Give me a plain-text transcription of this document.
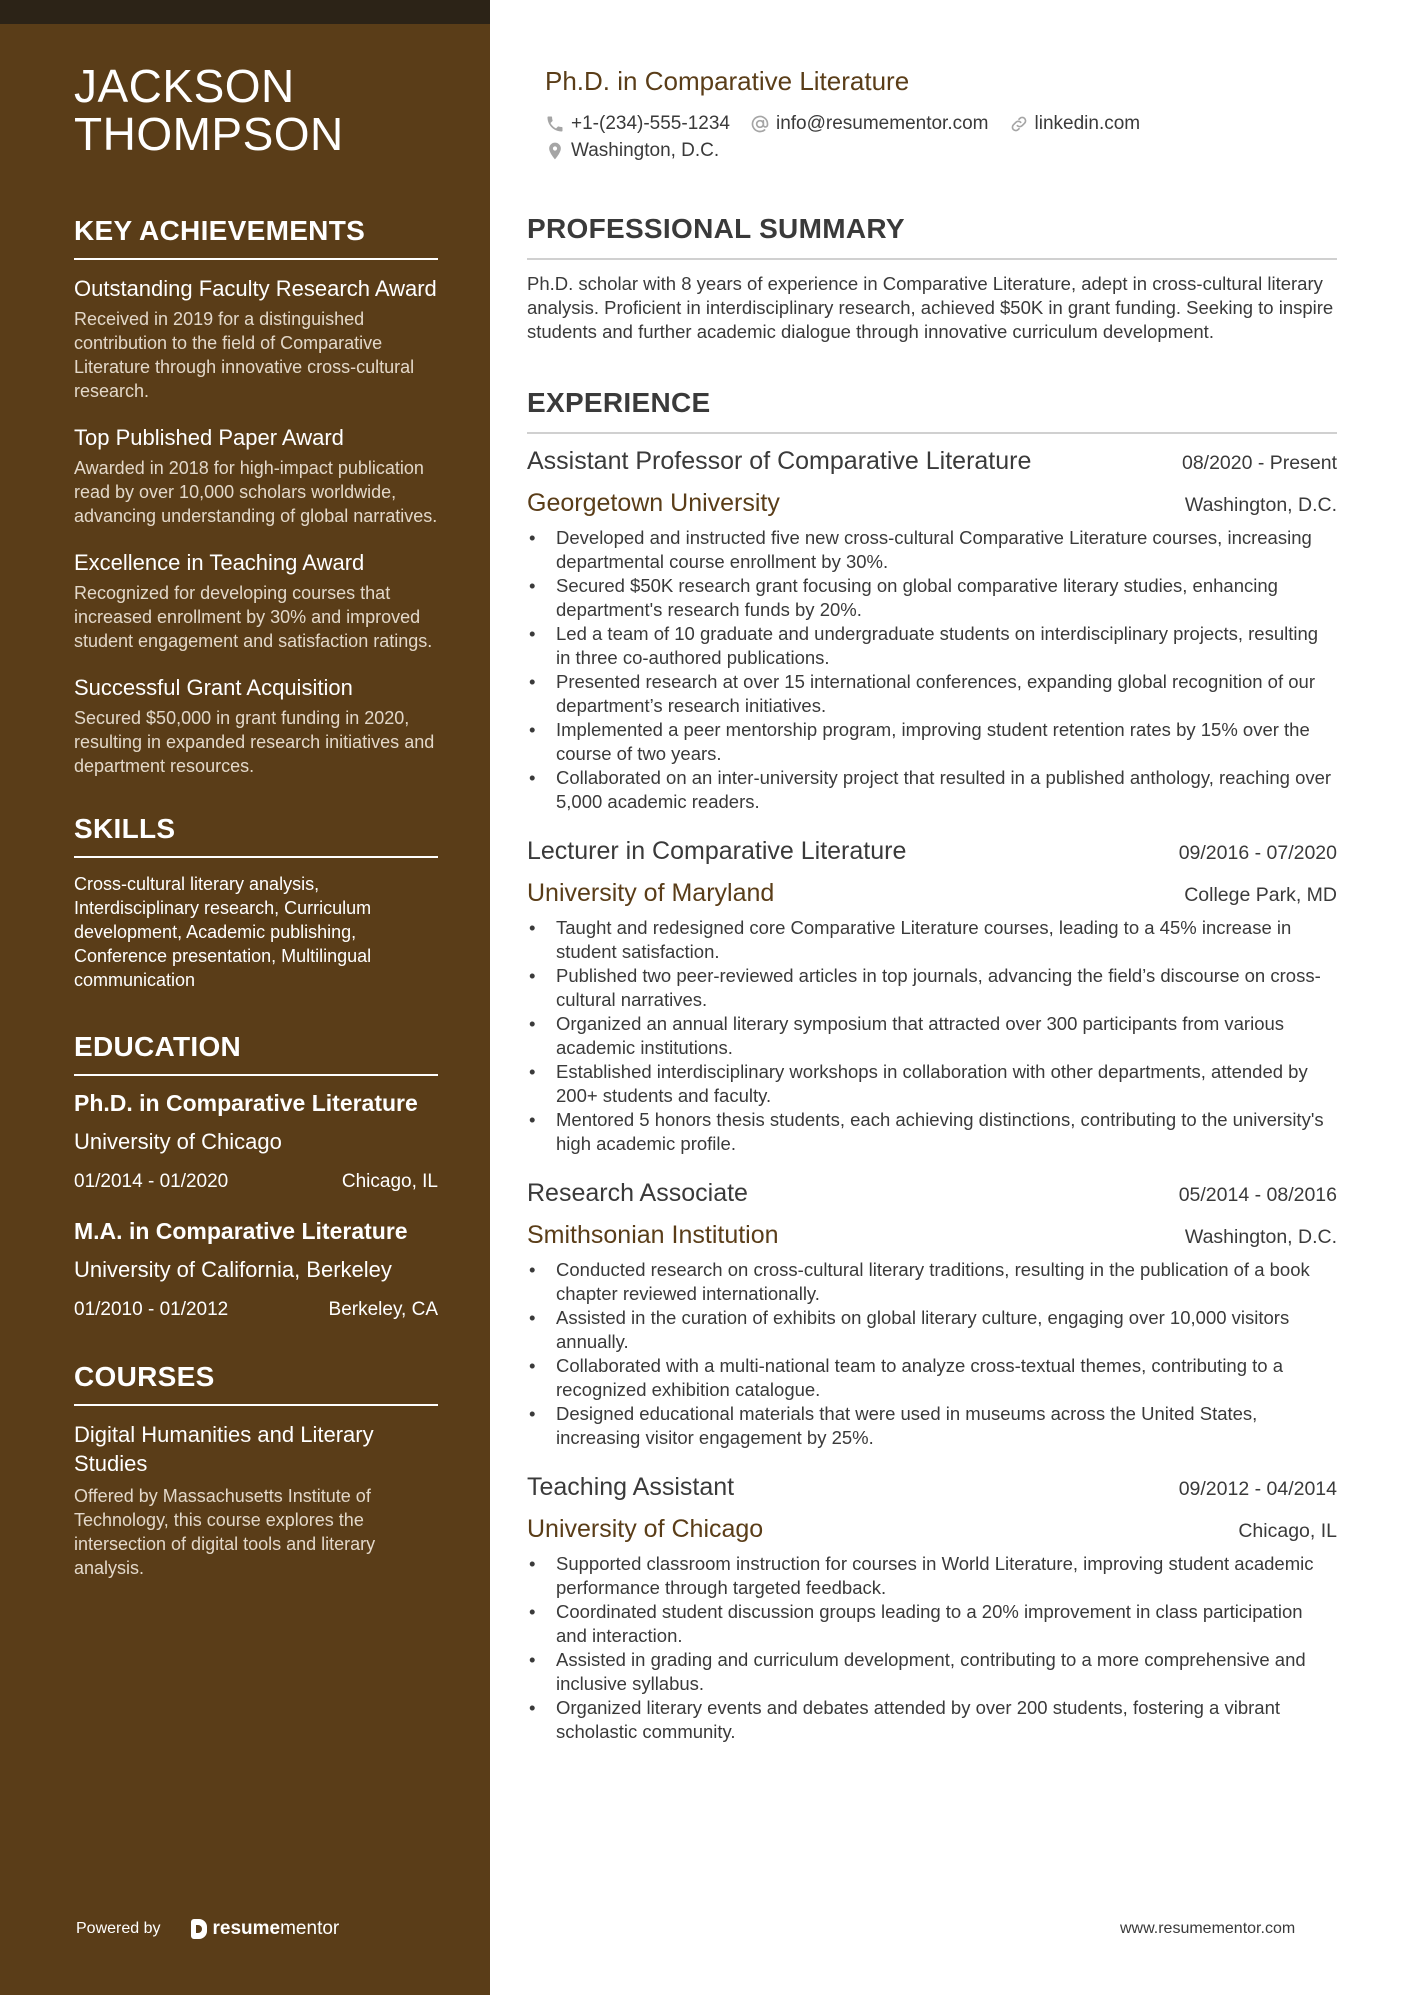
JACKSON
THOMPSON
KEY ACHIEVEMENTS
Outstanding Faculty Research Award
Received in 2019 for a distinguished contribution to the field of Comparative Literature through innovative cross-cultural research.
Top Published Paper Award
Awarded in 2018 for high-impact publication read by over 10,000 scholars worldwide, advancing understanding of global narratives.
Excellence in Teaching Award
Recognized for developing courses that increased enrollment by 30% and improved student engagement and satisfaction ratings.
Successful Grant Acquisition
Secured $50,000 in grant funding in 2020, resulting in expanded research initiatives and department resources.
SKILLS

Cross-cultural literary analysis, Interdisciplinary research, Curriculum development, Academic publishing, Conference presentation, Multilingual communication

EDUCATION
Ph.D. in Comparative Literature
University of Chicago
01/2014 - 01/2020	Chicago, IL
M.A. in Comparative Literature
University of California, Berkeley
01/2010 - 01/2012	Berkeley, CA
COURSES
Digital Humanities and Literary Studies
Offered by Massachusetts Institute of Technology, this course explores the intersection of digital tools and literary analysis.
Powered by	resumementor
Ph.D. in Comparative Literature
+1-(234)-555-1234 info@resumementor.com linkedin.com
Washington, D.C.
PROFESSIONAL SUMMARY

Ph.D. scholar with 8 years of experience in Comparative Literature, adept in cross-cultural literary analysis. Proficient in interdisciplinary research, achieved $50K in grant funding. Seeking to inspire students and further academic dialogue through innovative curriculum development.

EXPERIENCE
Assistant Professor of Comparative Literature	08/2020 - Present
Georgetown University	Washington, D.C.
• Developed and instructed five new cross-cultural Comparative Literature courses, increasing departmental course enrollment by 30%.
• Secured $50K research grant focusing on global comparative literary studies, enhancing department's research funds by 20%.
• Led a team of 10 graduate and undergraduate students on interdisciplinary projects, resulting in three co-authored publications.
• Presented research at over 15 international conferences, expanding global recognition of our department’s research initiatives.
• Implemented a peer mentorship program, improving student retention rates by 15% over the course of two years.
• Collaborated on an inter-university project that resulted in a published anthology, reaching over 5,000 academic readers.
Lecturer in Comparative Literature	09/2016 - 07/2020
University of Maryland	College Park, MD
• Taught and redesigned core Comparative Literature courses, leading to a 45% increase in student satisfaction.
• Published two peer-reviewed articles in top journals, advancing the field’s discourse on cross-cultural narratives.
• Organized an annual literary symposium that attracted over 300 participants from various academic institutions.
• Established interdisciplinary workshops in collaboration with other departments, attended by 200+ students and faculty.
• Mentored 5 honors thesis students, each achieving distinctions, contributing to the university's high academic profile.
Research Associate	05/2014 - 08/2016
Smithsonian Institution	Washington, D.C.
• Conducted research on cross-cultural literary traditions, resulting in the publication of a book chapter reviewed internationally.
• Assisted in the curation of exhibits on global literary culture, engaging over 10,000 visitors annually.
• Collaborated with a multi-national team to analyze cross-textual themes, contributing to a recognized exhibition catalogue.
• Designed educational materials that were used in museums across the United States, increasing visitor engagement by 25%.
Teaching Assistant	09/2012 - 04/2014
University of Chicago	Chicago, IL
• Supported classroom instruction for courses in World Literature, improving student academic performance through targeted feedback.
• Coordinated student discussion groups leading to a 20% improvement in class participation and interaction.
• Assisted in grading and curriculum development, contributing to a more comprehensive and inclusive syllabus.
• Organized literary events and debates attended by over 200 students, fostering a vibrant scholastic community.
www.resumementor.com
